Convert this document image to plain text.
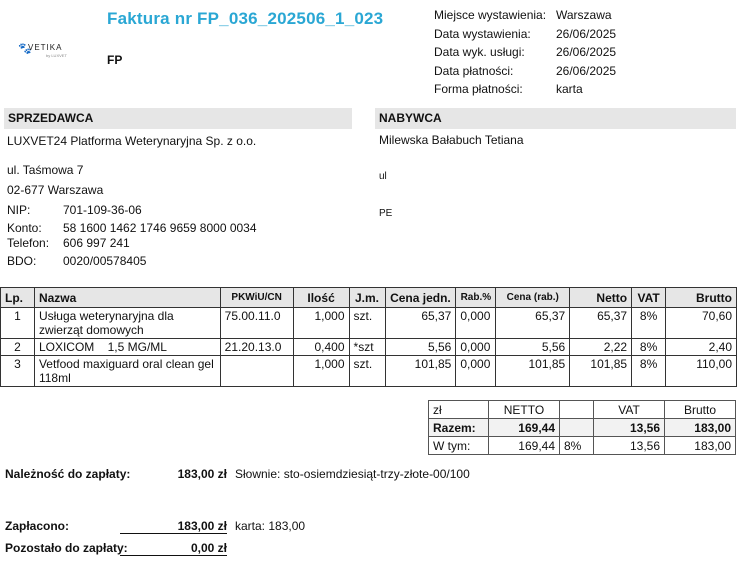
Faktura nr FP_036_202506_1_023
🐾
VETIKA
by LUXVET	FP
Miejsce wystawienia: Warszawa
Data wystawienia:	26/06/2025
Data wyk. usługi:	26/06/2025
Data płatności:	26/06/2025
Forma płatności:	karta
SPRZEDAWCA
LUXVET24 Platforma Weterynaryjna Sp. z o.o.
ul. Taśmowa 7
02-677 Warszawa
NIP:	701-109-36-06
Konto: 58 1600 1462 1746 9659 8000 0034
Telefon: 606 997 241
BDO: 0020/00578405
NABYWCA
Milewska Bałabuch Tetiana
ul
PE
Lp.	Nazwa	PKWiU/CN	Ilość	J.m.	Cena jedn.	Rab.%	Cena (rab.)	Netto	VAT	Brutto
1	Usługa weterynaryjna dla zwierząt domowych	75.00.11.0	1,000	szt.	65,37	0,000	65,37	65,37	8%	70,60
2	LOXICOM    1,5 MG/ML	21.20.13.0	0,400	*szt	5,56	0,000	5,56	2,22	8%	2,40
3	Vetfood maxiguard oral clean gel 118ml		1,000	szt.	101,85	0,000	101,85	101,85	8%	110,00
zł	NETTO		VAT	Brutto
Razem:	169,44		13,56	183,00
W tym:	169,44	8%	13,56	183,00
Należność do zapłaty:	183,00 zł Słownie: sto-osiemdziesiąt-trzy-złote-00/100
Zapłacono:	183,00 zł karta: 183,00
Pozostało do zapłaty:	0,00 zł
